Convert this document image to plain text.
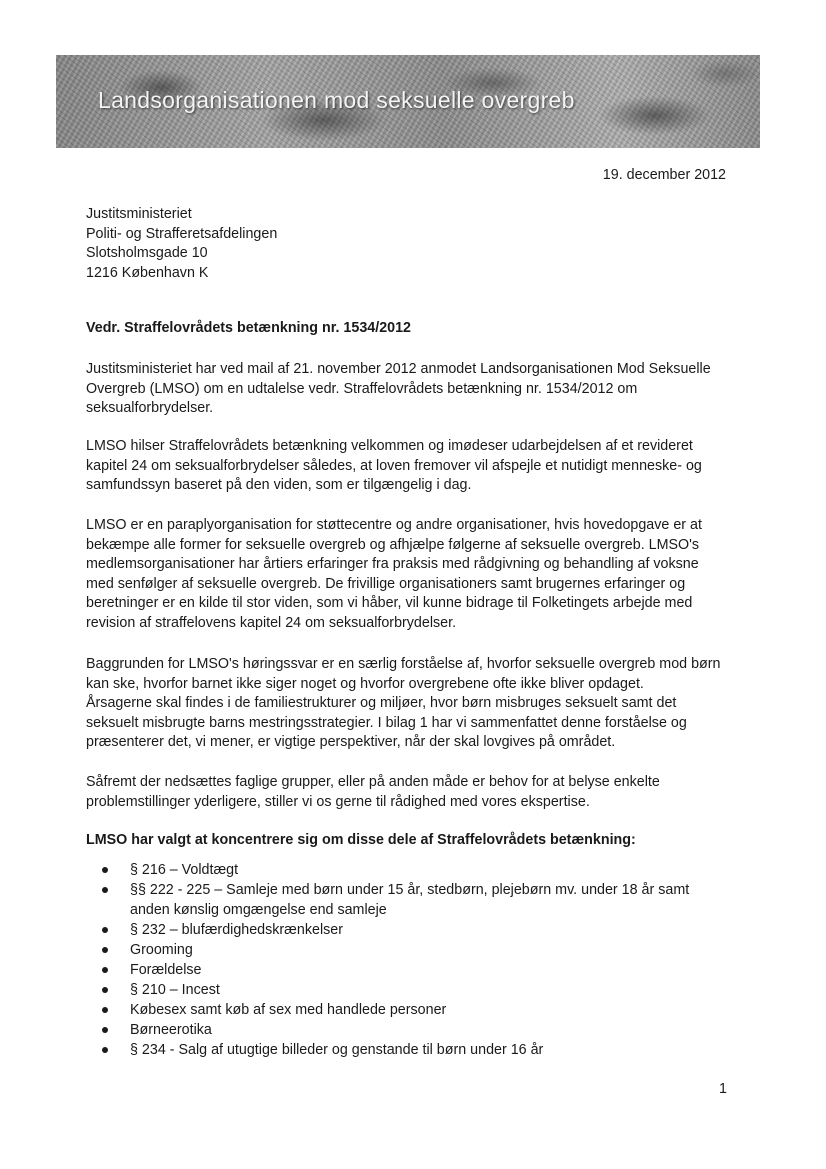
Landsorganisationen mod seksuelle overgreb
19. december 2012
Justitsministeriet
Politi- og Strafferetsafdelingen
Slotsholmsgade 10
1216 København K
Vedr. Straffelovrådets betænkning nr. 1534/2012
Justitsministeriet har ved mail af 21. november 2012 anmodet Landsorganisationen Mod Seksuelle
Overgreb (LMSO) om en udtalelse vedr. Straffelovrådets betænkning nr. 1534/2012 om
seksualforbrydelser.
LMSO hilser Straffelovrådets betænkning velkommen og imødeser udarbejdelsen af et revideret
kapitel 24 om seksualforbrydelser således, at loven fremover vil afspejle et nutidigt menneske- og
samfundssyn baseret på den viden, som er tilgængelig i dag.
LMSO er en paraplyorganisation for støttecentre og andre organisationer, hvis hovedopgave er at
bekæmpe alle former for seksuelle overgreb og afhjælpe følgerne af seksuelle overgreb. LMSO's
medlemsorganisationer har årtiers erfaringer fra praksis med rådgivning og behandling af voksne
med senfølger af seksuelle overgreb. De frivillige organisationers samt brugernes erfaringer og
beretninger er en kilde til stor viden, som vi håber, vil kunne bidrage til Folketingets arbejde med
revision af straffelovens kapitel 24 om seksualforbrydelser.
Baggrunden for LMSO's høringssvar er en særlig forståelse af, hvorfor seksuelle overgreb mod børn
kan ske, hvorfor barnet ikke siger noget og hvorfor overgrebene ofte ikke bliver opdaget.
Årsagerne skal findes i de familiestrukturer og miljøer, hvor børn misbruges seksuelt samt det
seksuelt misbrugte barns mestringsstrategier. I bilag 1 har vi sammenfattet denne forståelse og
præsenterer det, vi mener, er vigtige perspektiver, når der skal lovgives på området.
Såfremt der nedsættes faglige grupper, eller på anden måde er behov for at belyse enkelte
problemstillinger yderligere, stiller vi os gerne til rådighed med vores ekspertise.
LMSO har valgt at koncentrere sig om disse dele af Straffelovrådets betænkning:
§ 216 – Voldtægt
§§ 222 - 225 – Samleje med børn under 15 år, stedbørn, plejebørn mv. under 18 år samt
anden kønslig omgængelse end samleje
§ 232 – blufærdighedskrænkelser
Grooming
Forældelse
§ 210 – Incest
Købesex samt køb af sex med handlede personer
Børneerotika
§ 234 - Salg af utugtige billeder og genstande til børn under 16 år
1
